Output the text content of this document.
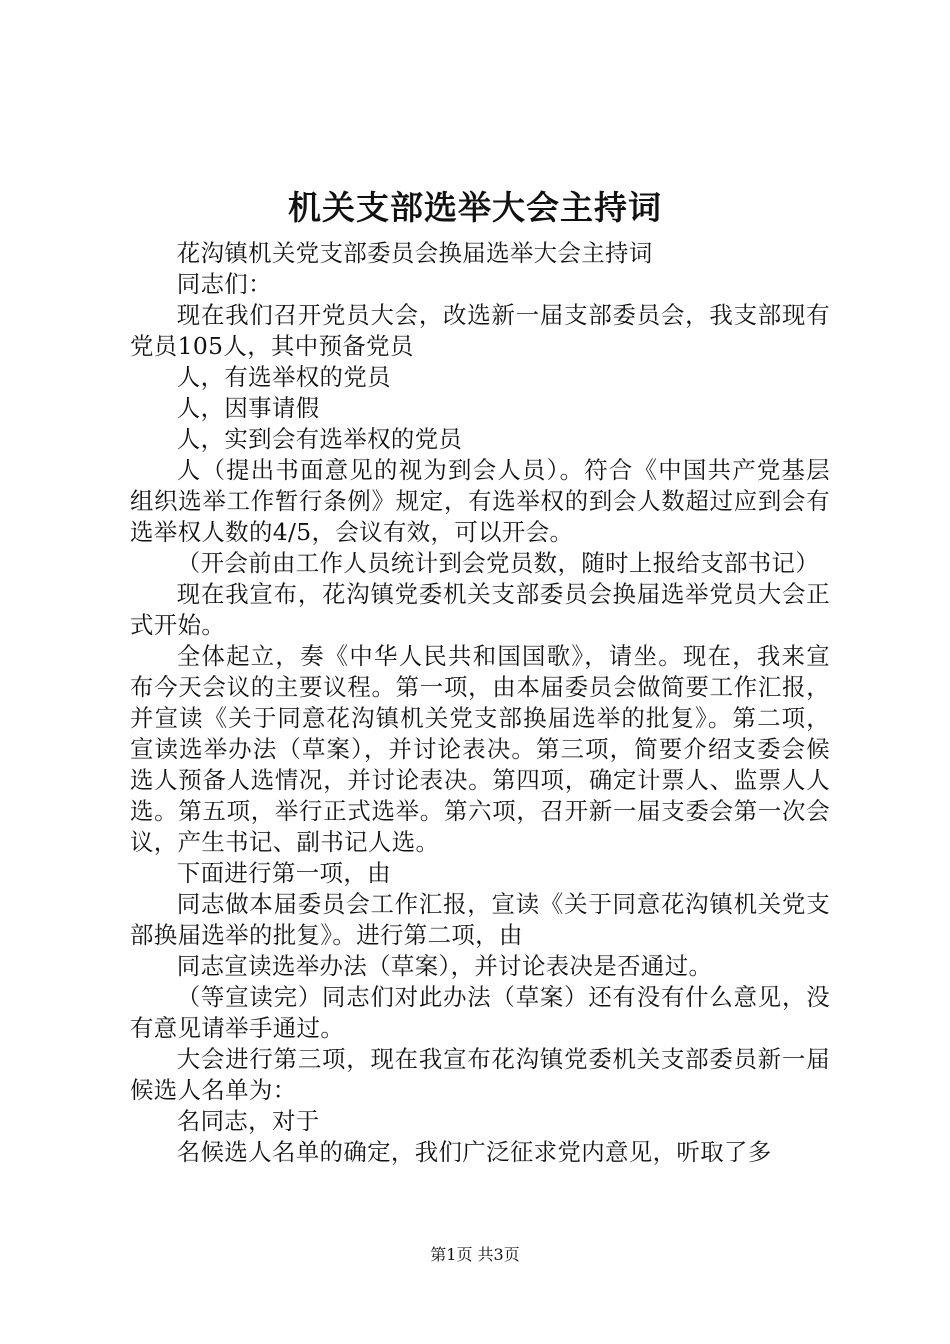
机关支部选举大会主持词

花沟镇机关党支部委员会换届选举大会主持词

同志们：

现在我们召开党员大会，改选新一届支部委员会，我支部现有党员105人，其中预备党员

人，有选举权的党员

人，因事请假

人，实到会有选举权的党员

人（提出书面意见的视为到会人员）。符合《中国共产党基层组织选举工作暂行条例》规定，有选举权的到会人数超过应到会有选举权人数的4/5，会议有效，可以开会。

（开会前由工作人员统计到会党员数，随时上报给支部书记）

现在我宣布，花沟镇党委机关支部委员会换届选举党员大会正式开始。

全体起立，奏《中华人民共和国国歌》，请坐。现在，我来宣布今天会议的主要议程。第一项，由本届委员会做简要工作汇报，并宣读《关于同意花沟镇机关党支部换届选举的批复》。第二项，宣读选举办法（草案），并讨论表决。第三项，简要介绍支委会候选人预备人选情况，并讨论表决。第四项，确定计票人、监票人人选。第五项，举行正式选举。第六项，召开新一届支委会第一次会议，产生书记、副书记人选。

下面进行第一项，由

同志做本届委员会工作汇报，宣读《关于同意花沟镇机关党支部换届选举的批复》。进行第二项，由

同志宣读选举办法（草案），并讨论表决是否通过。

（等宣读完）同志们对此办法（草案）还有没有什么意见，没有意见请举手通过。

大会进行第三项，现在我宣布花沟镇党委机关支部委员新一届候选人名单为：

名同志，对于

名候选人名单的确定，我们广泛征求党内意见，听取了多

第1页 共3页
